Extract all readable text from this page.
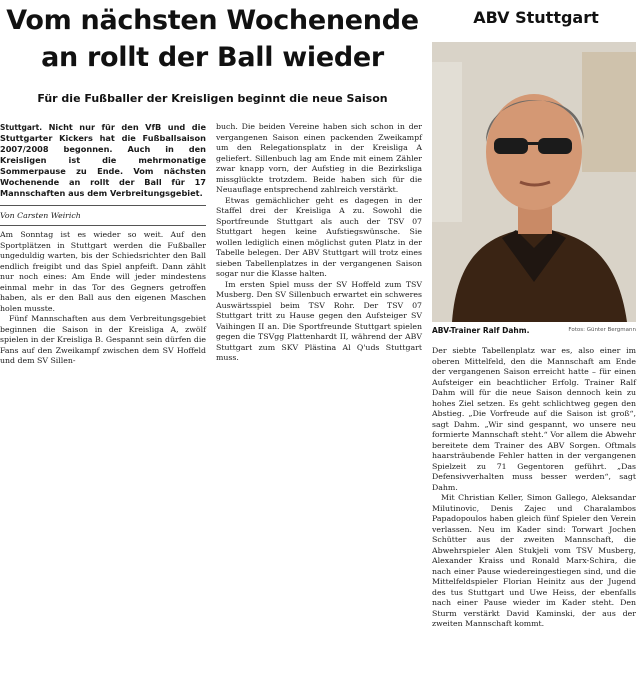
Vom nächsten Wochenende
an rollt der Ball wieder
Für die Fußballer der Kreisligen beginnt die neue Saison
ABV Stuttgart
ABV-Trainer Ralf Dahm.	Fotos: Günter Bergmann
Stuttgart. Nicht nur für den VfB und die Stuttgarter Kickers hat die Fußballsaison 2007/2008 begonnen. Auch in den Kreisligen ist die mehrmonatige Sommerpause zu Ende. Vom nächsten Wochenende an rollt der Ball für 17 Mannschaften aus dem Verbreitungsgebiet.
Von Carsten Weirich

Am Sonntag ist es wieder so weit. Auf den Sportplätzen in Stuttgart werden die Fußballer ungeduldig warten, bis der Schiedsrichter den Ball endlich freigibt und das Spiel anpfeift. Dann zählt nur noch eines: Am Ende will jeder mindestens einmal mehr in das Tor des Gegners getroffen haben, als er den Ball aus den eigenen Maschen holen musste.

Fünf Mannschaften aus dem Verbreitungsgebiet beginnen die Saison in der Kreisliga A, zwölf spielen in der Kreisliga B. Gespannt sein dürfen die Fans auf den Zweikampf zwischen dem SV Hoffeld und dem SV Sillen-

buch. Die beiden Vereine haben sich schon in der vergangenen Saison einen packenden Zweikampf um den Relegationsplatz in der Kreisliga A geliefert. Sillenbuch lag am Ende mit einem Zähler zwar knapp vorn, der Aufstieg in die Bezirksliga missglückte trotzdem. Beide haben sich für die Neuauflage entsprechend zahlreich verstärkt.

Etwas gemächlicher geht es dagegen in der Staffel drei der Kreisliga A zu. Sowohl die Sportfreunde Stuttgart als auch der TSV 07 Stuttgart hegen keine Aufstiegswünsche. Sie wollen lediglich einen möglichst guten Platz in der Tabelle belegen. Der ABV Stuttgart will trotz eines sieben Tabellenplatzes in der vergangenen Saison sogar nur die Klasse halten.

Im ersten Spiel muss der SV Hoffeld zum TSV Musberg. Den SV Sillenbuch erwartet ein schweres Auswärtsspiel beim TSV Rohr. Der TSV 07 Stuttgart tritt zu Hause gegen den Aufsteiger SV Vaihingen II an. Die Sportfreunde Stuttgart spielen gegen die TSVgg Plattenhardt II, während der ABV Stuttgart zum SKV Plästina Al Q'uds Stuttgart muss.

Der siebte Tabellenplatz war es, also einer im oberen Mittelfeld, den die Mannschaft am Ende der vergangenen Saison erreicht hatte – für einen Aufsteiger ein beachtlicher Erfolg. Trainer Ralf Dahm will für die neue Saison dennoch kein zu hohes Ziel setzen. Es geht schlichtweg gegen den Abstieg. „Die Vorfreude auf die Saison ist groß“, sagt Dahm. „Wir sind gespannt, wo unsere neu formierte Mannschaft steht.“ Vor allem die Abwehr bereitete dem Trainer des ABV Sorgen. Oftmals haarsträubende Fehler hatten in der vergangenen Spielzeit zu 71 Gegentoren geführt. „Das Defensivverhalten muss besser werden“, sagt Dahm.

Mit Christian Keller, Simon Gallego, Aleksandar Milutinovic, Denis Zajec und Charalambos Papadopoulos haben gleich fünf Spieler den Verein verlassen. Neu im Kader sind: Torwart Jochen Schütter aus der zweiten Mannschaft, die Abwehrspieler Alen Stukjeli vom TSV Musberg, Alexander Kraiss und Ronald Marx-Schira, die nach einer Pause wiedereingestiegen sind, und die Mittelfeldspieler Florian Heinitz aus der Jugend des tus Stuttgart und Uwe Heiss, der ebenfalls nach einer Pause wieder im Kader steht. Den Sturm verstärkt David Kaminski, der aus der zweiten Mannschaft kommt.
